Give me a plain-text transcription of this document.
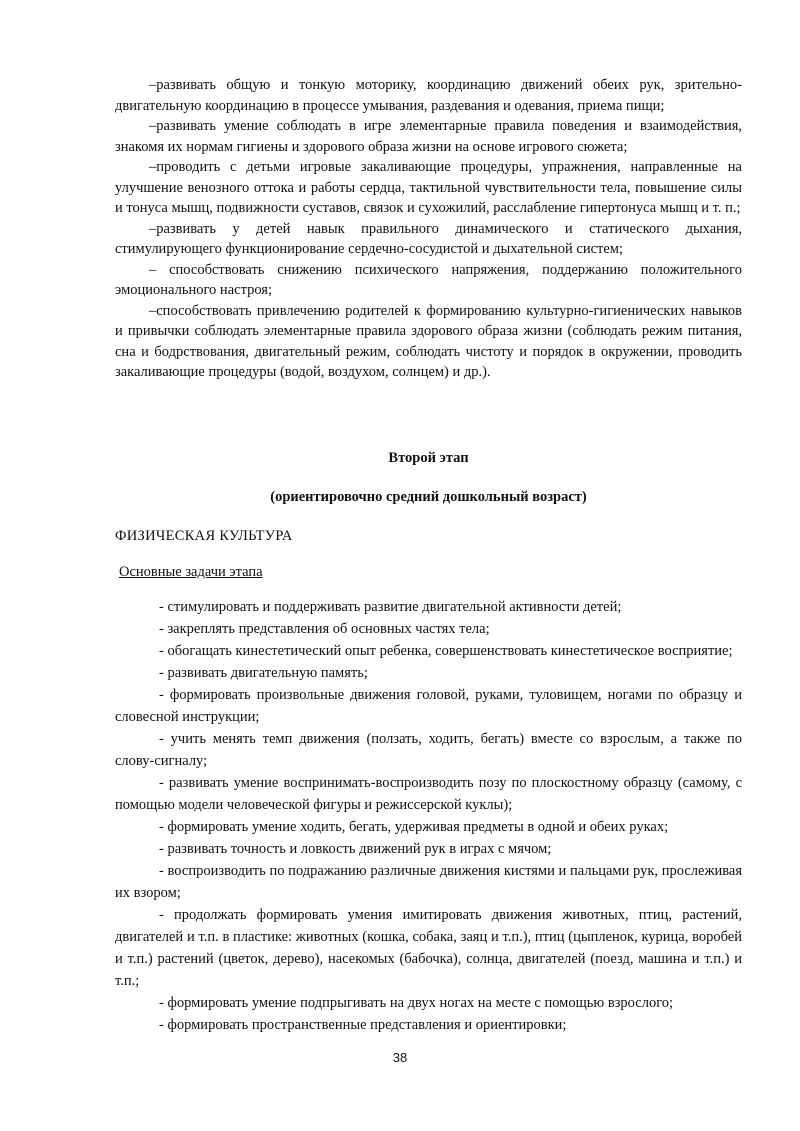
–развивать общую и тонкую моторику, координацию движений обеих рук, зрительно-двигательную координацию в процессе умывания, раздевания и одевания, приема пищи;

–развивать умение соблюдать в игре элементарные правила поведения и взаимодействия, знакомя их нормам гигиены и здорового образа жизни на основе игрового сюжета;

–проводить с детьми игровые закаливающие процедуры, упражнения, направленные на улучшение венозного оттока и работы сердца, тактильной чувствительности тела, повышение силы и тонуса мышц, подвижности суставов, связок и сухожилий, расслабление гипертонуса мышц и т. п.;

–развивать у детей навык правильного динамического и статического дыхания, стимулирующего функционирование сердечно-сосудистой и дыхательной систем;

– способствовать снижению психического напряжения, поддержанию положительного эмоционального настроя;

–способствовать привлечению родителей к формированию культурно-гигиенических навыков и привычки соблюдать элементарные правила здорового образа жизни (соблюдать режим питания, сна и бодрствования, двигательный режим, соблюдать чистоту и порядок в окружении, проводить закаливающие процедуры (водой, воздухом, солнцем) и др.).

Второй этап
(ориентировочно средний дошкольный возраст)
ФИЗИЧЕСКАЯ КУЛЬТУРА
Основные задачи этапа

- стимулировать и поддерживать развитие двигательной активности детей;

- закреплять представления об основных частях тела;

- обогащать кинестетический опыт ребенка, совершенствовать кинестетическое восприятие;

- развивать двигательную память;

- формировать произвольные движения головой, руками, туловищем, ногами по образцу и словесной инструкции;

- учить менять темп движения (ползать, ходить, бегать) вместе со взрослым, а также по слову-сигналу;

- развивать умение воспринимать-воспроизводить позу по плоскостному образцу (самому, с помощью модели человеческой фигуры и режиссерской куклы);

- формировать умение ходить, бегать, удерживая предметы в одной и обеих руках;

- развивать точность и ловкость движений рук в играх с мячом;

- воспроизводить по подражанию различные движения кистями и пальцами рук, прослеживая их взором;

- продолжать формировать умения имитировать движения животных, птиц, растений, двигателей и т.п. в пластике: животных (кошка, собака, заяц и т.п.), птиц (цыпленок, курица, воробей и т.п.) растений (цветок, дерево), насекомых (бабочка), солнца, двигателей (поезд, машина и т.п.) и т.п.;

- формировать умение подпрыгивать на двух ногах на месте с помощью взрослого;

- формировать пространственные представления и ориентировки;

38
